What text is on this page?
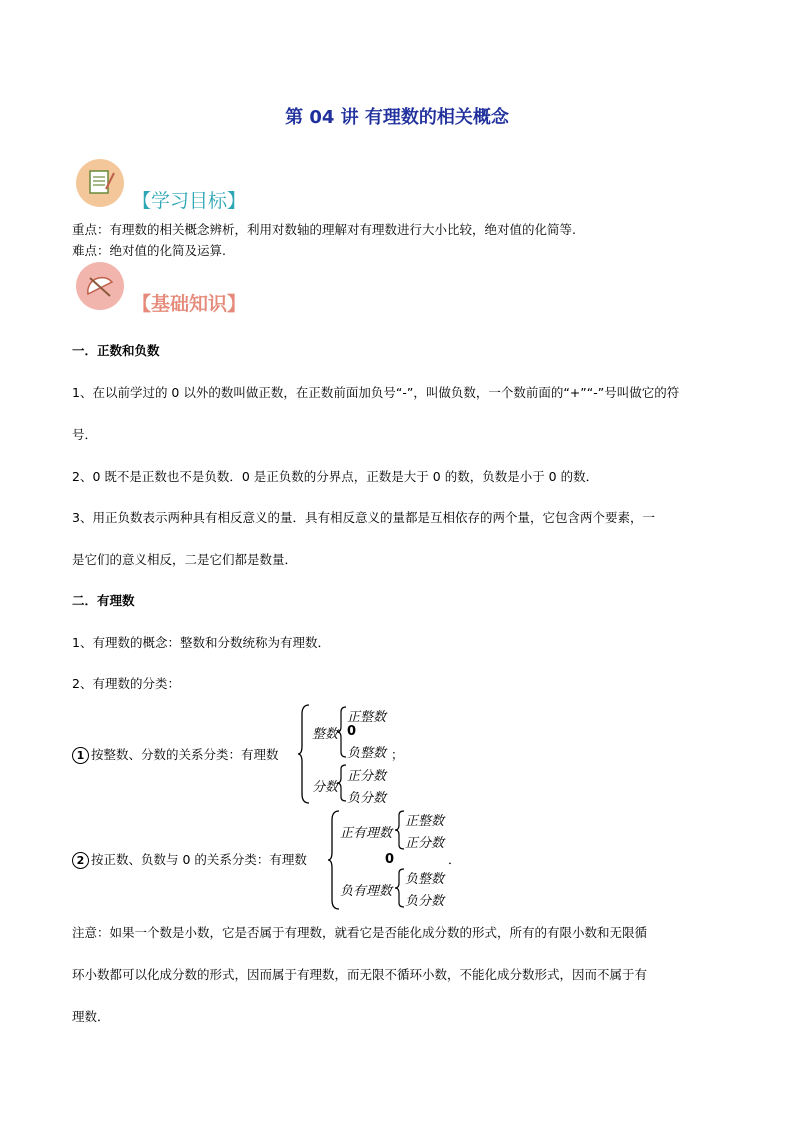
第 04 讲 有理数的相关概念
【学习目标】
重点：有理数的相关概念辨析，利用对数轴的理解对有理数进行大小比较，绝对值的化简等.
难点：绝对值的化简及运算.
【基础知识】
一．正数和负数
1、在以前学过的 0 以外的数叫做正数，在正数前面加负号“-”，叫做负数，一个数前面的“+”“-”号叫做它的符
号．
2、0 既不是正数也不是负数．0 是正负数的分界点，正数是大于 0 的数，负数是小于 0 的数．
3、用正负数表示两种具有相反意义的量．具有相反意义的量都是互相依存的两个量，它包含两个要素，一
是它们的意义相反，二是它们都是数量．
二．有理数
1、有理数的概念：整数和分数统称为有理数．
2、有理数的分类：
1 按整数、分数的关系分类：有理数
整数
正整数
0
负整数 ；
分数
正分数
负分数
2 按正数、负数与 0 的关系分类：有理数
正有理数
正整数
正分数
0	．
负有理数
负整数
负分数
注意：如果一个数是小数，它是否属于有理数，就看它是否能化成分数的形式，所有的有限小数和无限循
环小数都可以化成分数的形式，因而属于有理数，而无限不循环小数，不能化成分数形式，因而不属于有
理数．
